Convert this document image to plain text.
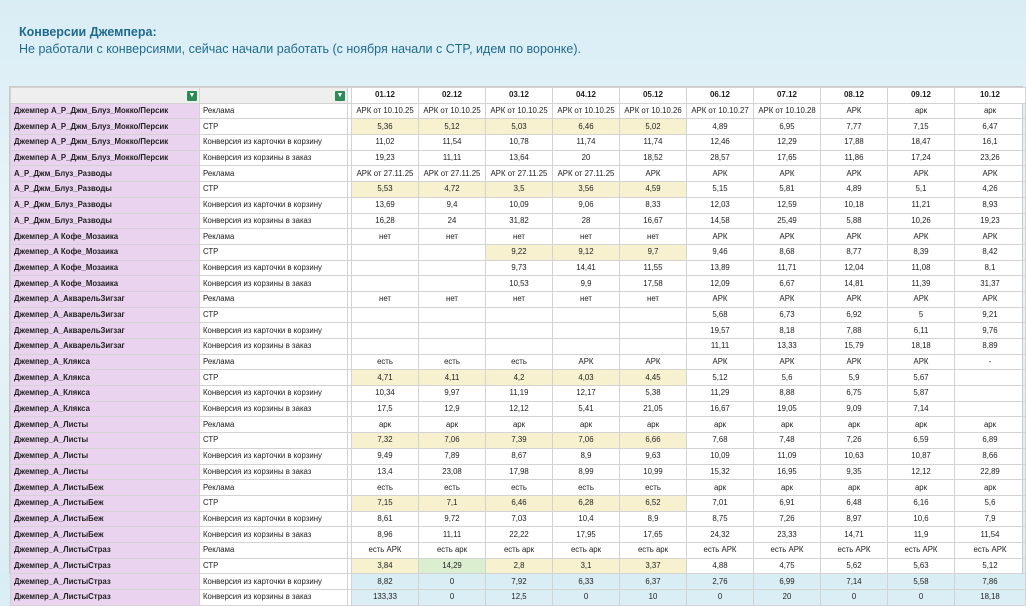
Конверсии Джемпера:
Не работали с конверсиями, сейчас начали работать (с ноября начали с CTP, идем по воронке).
▼	▼		01.12	02.12	03.12	04.12	05.12	06.12	07.12	08.12	09.12	10.12
Джемпер А_Р_Джм_Блуз_Мокко/Персик	Реклама		АРК от 10.10.25	АРК от 10.10.25	АРК от 10.10.25	АРК от 10.10.25	АРК от 10.10.26	АРК от 10.10.27	АРК от 10.10.28	АРК	арк	арк
Джемпер А_Р_Джм_Блуз_Мокко/Персик	СТР		5,36	5,12	5,03	6,46	5,02	4,89	6,95	7,77	7,15	6,47
Джемпер А_Р_Джм_Блуз_Мокко/Персик	Конверсия из карточки в корзину		11,02	11,54	10,78	11,74	11,74	12,46	12,29	17,88	18,47	16,1
Джемпер А_Р_Джм_Блуз_Мокко/Персик	Конверсия из корзины в заказ		19,23	11,11	13,64	20	18,52	28,57	17,65	11,86	17,24	23,26
А_Р_Джм_Блуз_Разводы	Реклама		АРК от 27.11.25	АРК от 27.11.25	АРК от 27.11.25	АРК от 27.11.25	АРК	АРК	АРК	АРК	АРК	АРК
А_Р_Джм_Блуз_Разводы	СТР		5,53	4,72	3,5	3,56	4,59	5,15	5,81	4,89	5,1	4,26
А_Р_Джм_Блуз_Разводы	Конверсия из карточки в корзину		13,69	9,4	10,09	9,06	8,33	12,03	12,59	10,18	11,21	8,93
А_Р_Джм_Блуз_Разводы	Конверсия из корзины в заказ		16,28	24	31,82	28	16,67	14,58	25,49	5,88	10,26	19,23
Джемпер_А Кофе_Мозаика	Реклама		нет	нет	нет	нет	нет	АРК	АРК	АРК	АРК	АРК
Джемпер_А Кофе_Мозаика	СТР				9,22	9,12	9,7	9,46	8,68	8,77	8,39	8,42
Джемпер_А Кофе_Мозаика	Конверсия из карточки в корзину				9,73	14,41	11,55	13,89	11,71	12,04	11,08	8,1
Джемпер_А Кофе_Мозаика	Конверсия из корзины в заказ				10,53	9,9	17,58	12,09	6,67	14,81	11,39	31,37
Джемпер_А_АкварельЗигзаг	Реклама		нет	нет	нет	нет	нет	АРК	АРК	АРК	АРК	АРК
Джемпер_А_АкварельЗигзаг	СТР							5,68	6,73	6,92	5	9,21
Джемпер_А_АкварельЗигзаг	Конверсия из карточки в корзину							19,57	8,18	7,88	6,11	9,76
Джемпер_А_АкварельЗигзаг	Конверсия из корзины в заказ							11,11	13,33	15,79	18,18	8,89
Джемпер_А_Клякса	Реклама		есть	есть	есть	АРК	АРК	АРК	АРК	АРК	АРК	-
Джемпер_А_Клякса	СТР		4,71	4,11	4,2	4,03	4,45	5,12	5,6	5,9	5,67	
Джемпер_А_Клякса	Конверсия из карточки в корзину		10,34	9,97	11,19	12,17	5,38	11,29	8,88	6,75	5,87	
Джемпер_А_Клякса	Конверсия из корзины в заказ		17,5	12,9	12,12	5,41	21,05	16,67	19,05	9,09	7,14	
Джемпер_А_Листы	Реклама		арк	арк	арк	арк	арк	арк	арк	арк	арк	арк
Джемпер_А_Листы	СТР		7,32	7,06	7,39	7,06	6,66	7,68	7,48	7,26	6,59	6,89
Джемпер_А_Листы	Конверсия из карточки в корзину		9,49	7,89	8,67	8,9	9,63	10,09	11,09	10,63	10,87	8,66
Джемпер_А_Листы	Конверсия из корзины в заказ		13,4	23,08	17,98	8,99	10,99	15,32	16,95	9,35	12,12	22,89
Джемпер_А_ЛистыБеж	Реклама		есть	есть	есть	есть	есть	арк	арк	арк	арк	арк
Джемпер_А_ЛистыБеж	СТР		7,15	7,1	6,46	6,28	6,52	7,01	6,91	6,48	6,16	5,6
Джемпер_А_ЛистыБеж	Конверсия из карточки в корзину		8,61	9,72	7,03	10,4	8,9	8,75	7,26	8,97	10,6	7,9
Джемпер_А_ЛистыБеж	Конверсия из корзины в заказ		8,96	11,11	22,22	17,95	17,65	24,32	23,33	14,71	11,9	11,54
Джемпер_А_ЛистыСтраз	Реклама		есть АРК	есть арк	есть арк	есть арк	есть арк	есть АРК	есть АРК	есть АРК	есть АРК	есть АРК
Джемпер_А_ЛистыСтраз	СТР		3,84	14,29	2,8	3,1	3,37	4,88	4,75	5,62	5,63	5,12
Джемпер_А_ЛистыСтраз	Конверсия из карточки в корзину		8,82	0	7,92	6,33	6,37	2,76	6,99	7,14	5,58	7,86
Джемпер_А_ЛистыСтраз	Конверсия из корзины в заказ		133,33	0	12,5	0	10	0	20	0	0	18,18
